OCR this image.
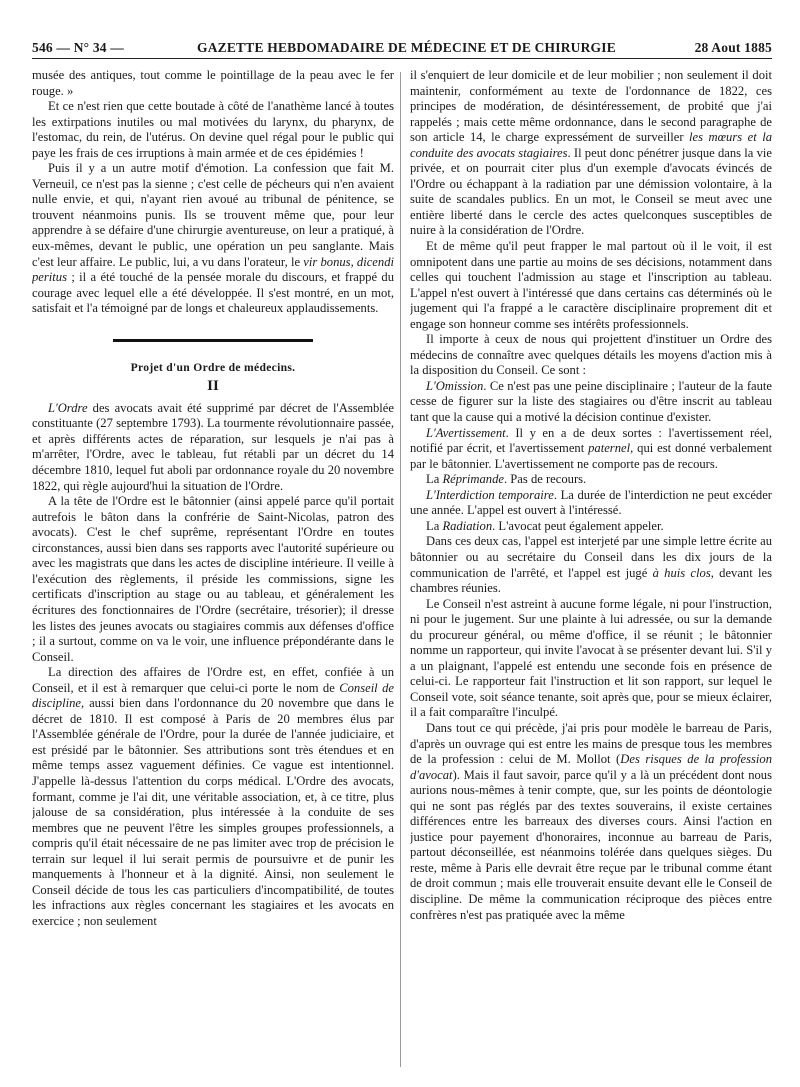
546 — N° 34 —	GAZETTE HEBDOMADAIRE DE MÉDECINE ET DE CHIRURGIE	28 Aout 1885

musée des antiques, tout comme le pointillage de la peau avec le fer rouge. »

Et ce n'est rien que cette boutade à côté de l'anathème lancé à toutes les extirpations inutiles ou mal motivées du larynx, du pharynx, de l'estomac, du rein, de l'utérus. On devine quel régal pour le public qui paye les frais de ces irruptions à main armée et de ces épidémies !

Puis il y a un autre motif d'émotion. La confession que fait M. Verneuil, ce n'est pas la sienne ; c'est celle de pécheurs qui n'en avaient nulle envie, et qui, n'ayant rien avoué au tribunal de pénitence, se trouvent néanmoins punis. Ils se trouvent même que, pour leur apprendre à se défaire d'une chirurgie aventureuse, on leur a pratiqué, à eux-mêmes, devant le public, une opération un peu sanglante. Mais c'est leur affaire. Le public, lui, a vu dans l'orateur, le vir bonus, dicendi peritus ; il a été touché de la pensée morale du discours, et frappé du courage avec lequel elle a été développée. Il s'est montré, en un mot, satisfait et l'a témoigné par de longs et chaleureux applaudissements.

Projet d'un Ordre de médecins.
II

L'Ordre des avocats avait été supprimé par décret de l'Assemblée constituante (27 septembre 1793). La tourmente révolutionnaire passée, et après différents actes de réparation, sur lesquels je n'ai pas à m'arrêter, l'Ordre, avec le tableau, fut rétabli par un décret du 14 décembre 1810, lequel fut aboli par ordonnance royale du 20 novembre 1822, qui règle aujourd'hui la situation de l'Ordre.

A la tête de l'Ordre est le bâtonnier (ainsi appelé parce qu'il portait autrefois le bâton dans la confrérie de Saint-Nicolas, patron des avocats). C'est le chef suprême, représentant l'Ordre en toutes circonstances, aussi bien dans ses rapports avec l'autorité supérieure ou avec les magistrats que dans les actes de discipline intérieure. Il veille à l'exécution des règlements, il préside les commissions, signe les certificats d'inscription au stage ou au tableau, et généralement les écritures des fonctionnaires de l'Ordre (secrétaire, trésorier); il dresse les listes des jeunes avocats ou stagiaires commis aux défenses d'office ; il a surtout, comme on va le voir, une influence prépondérante dans le Conseil.

La direction des affaires de l'Ordre est, en effet, confiée à un Conseil, et il est à remarquer que celui-ci porte le nom de Conseil de discipline, aussi bien dans l'ordonnance du 20 novembre que dans le décret de 1810. Il est composé à Paris de 20 membres élus par l'Assemblée générale de l'Ordre, pour la durée de l'année judiciaire, et est présidé par le bâtonnier. Ses attributions sont très étendues et en même temps assez vaguement définies. Ce vague est intentionnel. J'appelle là-dessus l'attention du corps médical. L'Ordre des avocats, formant, comme je l'ai dit, une véritable association, et, à ce titre, plus jalouse de sa considération, plus intéressée à la conduite de ses membres que ne peuvent l'être les simples groupes professionnels, a compris qu'il était nécessaire de ne pas limiter avec trop de précision le terrain sur lequel il lui serait permis de poursuivre et de punir les manquements à l'honneur et à la dignité. Ainsi, non seulement le Conseil décide de tous les cas particuliers d'incompatibilité, de toutes les infractions aux règles concernant les stagiaires et les avocats en exercice ; non seulement

il s'enquiert de leur domicile et de leur mobilier ; non seulement il doit maintenir, conformément au texte de l'ordonnance de 1822, ces principes de modération, de désintéressement, de probité que j'ai rappelés ; mais cette même ordonnance, dans le second paragraphe de son article 14, le charge expressément de surveiller les mœurs et la conduite des avocats stagiaires. Il peut donc pénétrer jusque dans la vie privée, et on pourrait citer plus d'un exemple d'avocats évincés de l'Ordre ou échappant à la radiation par une démission volontaire, à la suite de scandales publics. En un mot, le Conseil se meut avec une entière liberté dans le cercle des actes quelconques susceptibles de nuire à la considération de l'Ordre.

Et de même qu'il peut frapper le mal partout où il le voit, il est omnipotent dans une partie au moins de ses décisions, notamment dans celles qui touchent l'admission au stage et l'inscription au tableau. L'appel n'est ouvert à l'intéressé que dans certains cas déterminés où le jugement qui l'a frappé a le caractère disciplinaire proprement dit et engage son honneur comme ses intérêts professionnels.

Il importe à ceux de nous qui projettent d'instituer un Ordre des médecins de connaître avec quelques détails les moyens d'action mis à la disposition du Conseil. Ce sont :

L'Omission. Ce n'est pas une peine disciplinaire ; l'auteur de la faute cesse de figurer sur la liste des stagiaires ou d'être inscrit au tableau tant que la cause qui a motivé la décision continue d'exister.

L'Avertissement. Il y en a de deux sortes : l'avertissement réel, notifié par écrit, et l'avertissement paternel, qui est donné verbalement par le bâtonnier. L'avertissement ne comporte pas de recours.

La Réprimande. Pas de recours.

L'Interdiction temporaire. La durée de l'interdiction ne peut excéder une année. L'appel est ouvert à l'intéressé.

La Radiation. L'avocat peut également appeler.

Dans ces deux cas, l'appel est interjeté par une simple lettre écrite au bâtonnier ou au secrétaire du Conseil dans les dix jours de la communication de l'arrêté, et l'appel est jugé à huis clos, devant les chambres réunies.

Le Conseil n'est astreint à aucune forme légale, ni pour l'instruction, ni pour le jugement. Sur une plainte à lui adressée, ou sur la demande du procureur général, ou même d'office, il se réunit ; le bâtonnier nomme un rapporteur, qui invite l'avocat à se présenter devant lui. S'il y a un plaignant, l'appelé est entendu une seconde fois en présence de celui-ci. Le rapporteur fait l'instruction et lit son rapport, sur lequel le Conseil vote, soit séance tenante, soit après que, pour se mieux éclairer, il a fait comparaître l'inculpé.

Dans tout ce qui précède, j'ai pris pour modèle le barreau de Paris, d'après un ouvrage qui est entre les mains de presque tous les membres de la profession : celui de M. Mollot (Des risques de la profession d'avocat). Mais il faut savoir, parce qu'il y a là un précédent dont nous aurions nous-mêmes à tenir compte, que, sur les points de déontologie qui ne sont pas réglés par des textes souverains, il existe certaines différences entre les barreaux des diverses cours. Ainsi l'action en justice pour payement d'honoraires, inconnue au barreau de Paris, partout déconseillée, est néanmoins tolérée dans quelques sièges. Du reste, même à Paris elle devrait être reçue par le tribunal comme étant de droit commun ; mais elle trouverait ensuite devant elle le Conseil de discipline. De même la communication réciproque des pièces entre confrères n'est pas pratiquée avec la même
